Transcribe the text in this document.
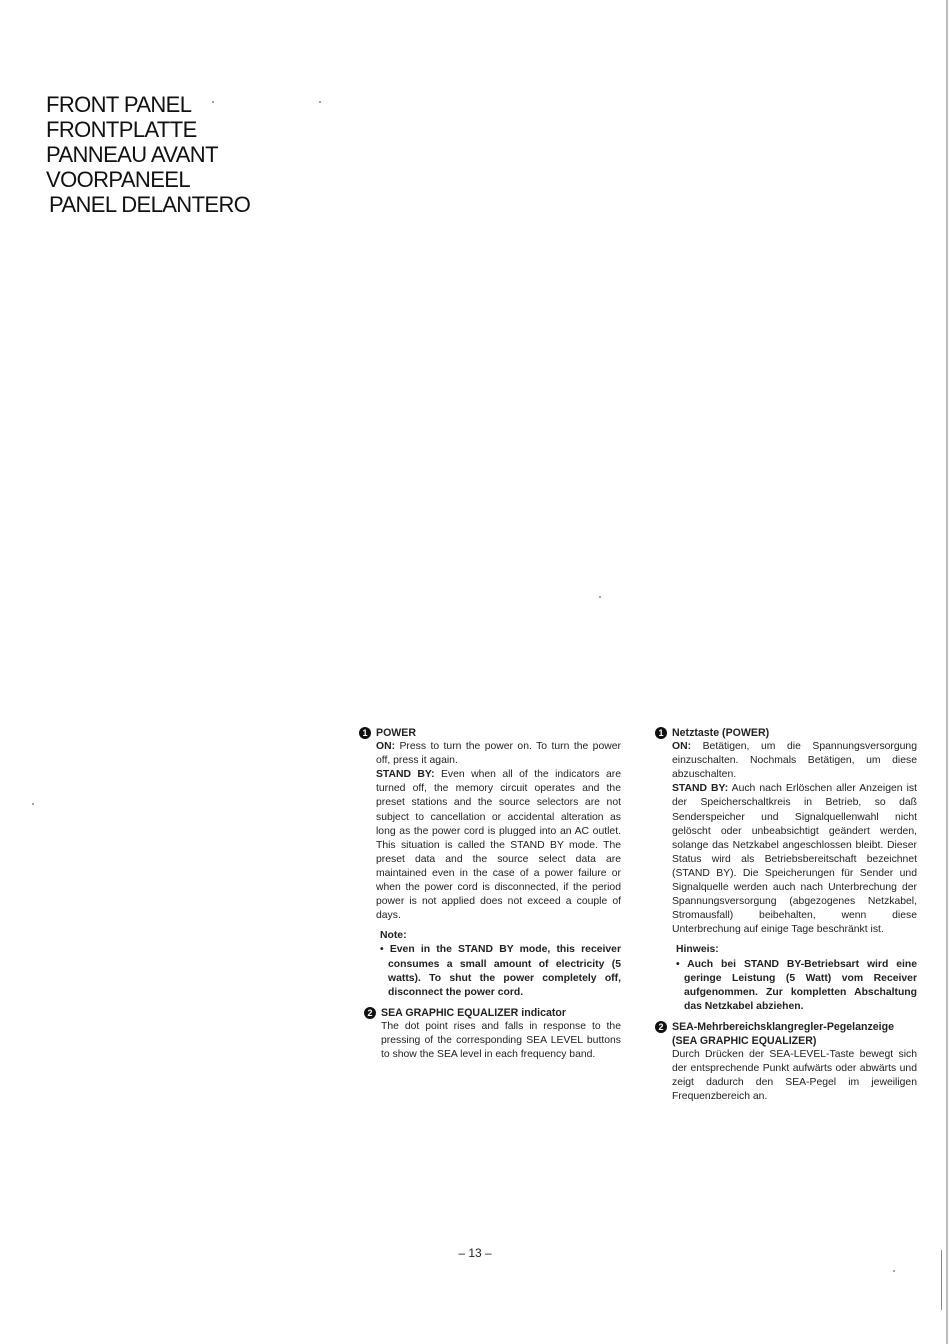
FRONT PANEL
FRONTPLATTE
PANNEAU AVANT
VOORPANEEL
PANEL DELANTERO
1 POWER

ON: Press to turn the power on. To turn the power off, press it again.

STAND BY: Even when all of the indicators are turned off, the memory circuit operates and the preset stations and the source selectors are not subject to cancellation or accidental alteration as long as the power cord is plugged into an AC outlet. This situation is called the STAND BY mode. The preset data and the source select data are maintained even in the case of a power failure or when the power cord is disconnected, if the period power is not applied does not exceed a couple of days.

Note:
• Even in the STAND BY mode, this receiver consumes a small amount of electricity (5 watts). To shut the power completely off, disconnect the power cord.
2 SEA GRAPHIC EQUALIZER indicator
The dot point rises and falls in response to the pressing of the corresponding SEA LEVEL buttons to show the SEA level in each frequency band.
1 Netztaste (POWER)

ON: Betätigen, um die Spannungsversorgung einzuschalten. Nochmals Betätigen, um diese abzuschalten.

STAND BY: Auch nach Erlöschen aller Anzeigen ist der Speicherschaltkreis in Betrieb, so daß Senderspeicher und Signalquellenwahl nicht gelöscht oder unbeabsichtigt geändert werden, solange das Netzkabel angeschlossen bleibt. Dieser Status wird als Betriebsbereitschaft bezeichnet (STAND BY). Die Speicherungen für Sender und Signalquelle werden auch nach Unterbrechung der Spannungsversorgung (abgezogenes Netzkabel, Stromausfall) beibehalten, wenn diese Unterbrechung auf einige Tage beschränkt ist.

Hinweis:
• Auch bei STAND BY-Betriebsart wird eine geringe Leistung (5 Watt) vom Receiver aufgenommen. Zur kompletten Abschaltung das Netzkabel abziehen.
2 SEA-Mehrbereichsklangregler-Pegelanzeige (SEA GRAPHIC EQUALIZER)
Durch Drücken der SEA-LEVEL-Taste bewegt sich der entsprechende Punkt aufwärts oder abwärts und zeigt dadurch den SEA-Pegel im jeweiligen Frequenzbereich an.
– 13 –
